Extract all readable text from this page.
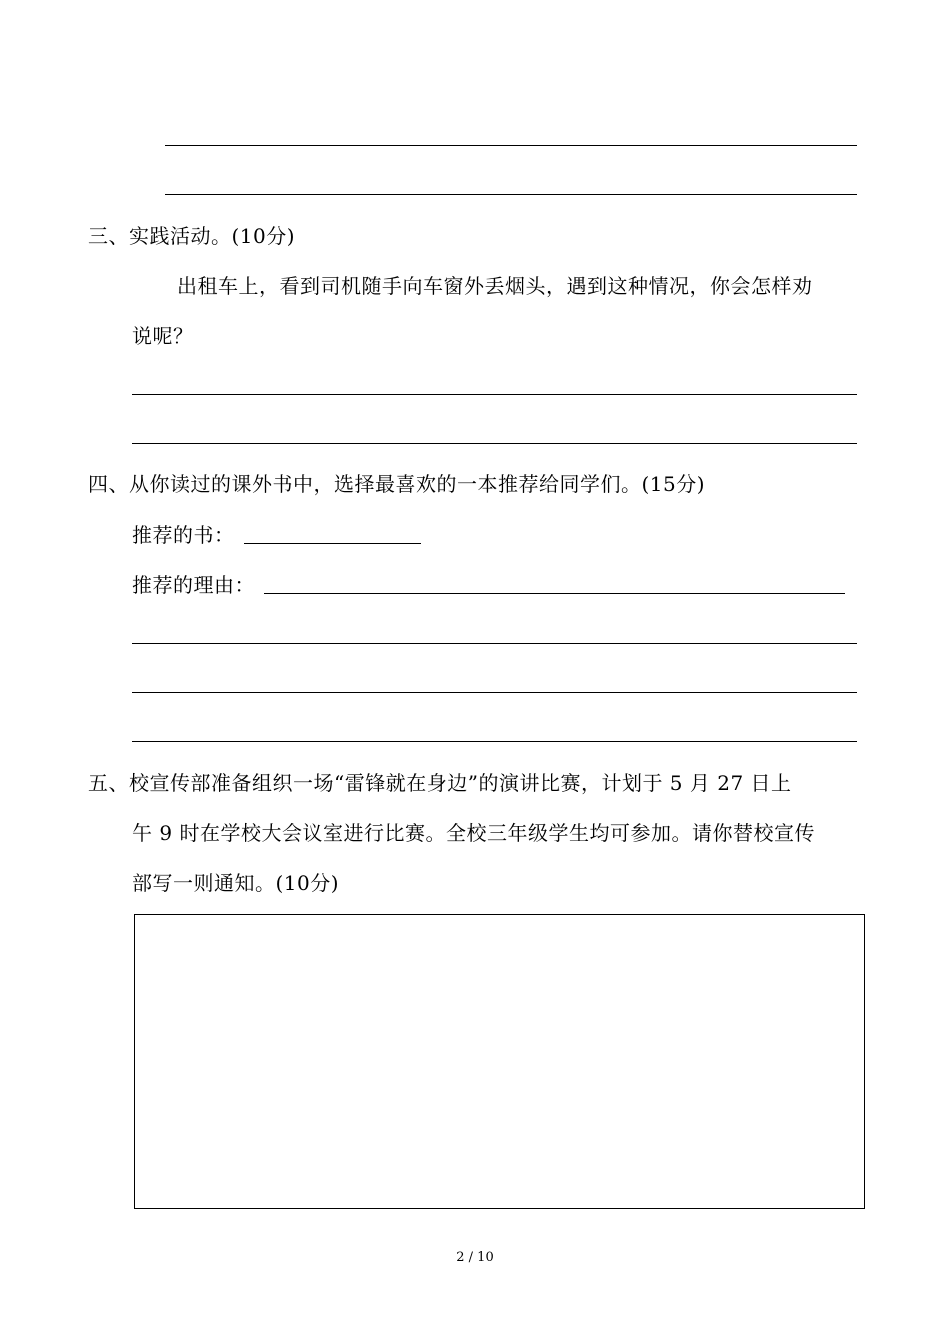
三、实践活动。(10分)
出租车上，看到司机随手向车窗外丢烟头，遇到这种情况，你会怎样劝
说呢？
四、从你读过的课外书中，选择最喜欢的一本推荐给同学们。(15分)
推荐的书：
推荐的理由：
五、校宣传部准备组织一场“雷锋就在身边”的演讲比赛，计划于 5 月 27 日上
午 9 时在学校大会议室进行比赛。全校三年级学生均可参加。请你替校宣传
部写一则通知。(10分)
2 / 10
